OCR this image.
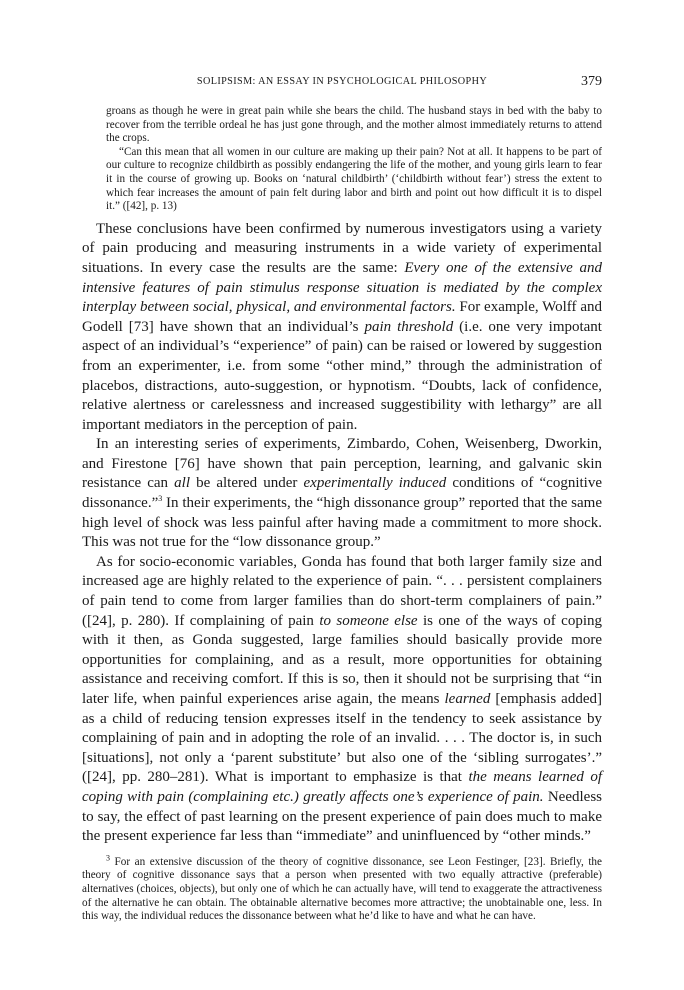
SOLIPSISM: AN ESSAY IN PSYCHOLOGICAL PHILOSOPHY	379

groans as though he were in great pain while she bears the child. The husband stays in bed with the baby to recover from the terrible ordeal he has just gone through, and the mother almost immediately returns to attend the crops.

“Can this mean that all women in our culture are making up their pain? Not at all. It happens to be part of our culture to recognize childbirth as possibly endangering the life of the mother, and young girls learn to fear it in the course of growing up. Books on ‘natural childbirth’ (‘childbirth without fear’) stress the extent to which fear increases the amount of pain felt during labor and birth and point out how difficult it is to dispel it.” ([42], p. 13)

These conclusions have been confirmed by numerous investigators using a variety of pain producing and measuring instruments in a wide variety of experimental situations. In every case the results are the same: Every one of the extensive and intensive features of pain stimulus response situation is mediated by the complex interplay between social, physical, and environmental factors. For example, Wolff and Godell [73] have shown that an individual’s pain threshold (i.e. one very impotant aspect of an individual’s “experience” of pain) can be raised or lowered by suggestion from an experimenter, i.e. from some “other mind,” through the administration of placebos, distractions, auto-suggestion, or hypnotism. “Doubts, lack of confidence, relative alertness or carelessness and increased suggestibility with lethargy” are all important mediators in the perception of pain.

In an interesting series of experiments, Zimbardo, Cohen, Weisenberg, Dworkin, and Firestone [76] have shown that pain perception, learning, and galvanic skin resistance can all be altered under experimentally induced conditions of “cognitive dissonance.”$^3$ In their experiments, the “high dissonance group” reported that the same high level of shock was less painful after having made a commitment to more shock. This was not true for the “low dissonance group.”

As for socio-economic variables, Gonda has found that both larger family size and increased age are highly related to the experience of pain. “. . . persistent complainers of pain tend to come from larger families than do short-term complainers of pain.” ([24], p. 280). If complaining of pain to someone else is one of the ways of coping with it then, as Gonda suggested, large families should basically provide more opportunities for complaining, and as a result, more opportunities for obtaining assistance and receiving comfort. If this is so, then it should not be surprising that “in later life, when painful experiences arise again, the means learned [emphasis added] as a child of reducing tension expresses itself in the tendency to seek assistance by complaining of pain and in adopting the role of an invalid. . . . The doctor is, in such [situations], not only a ‘parent substitute’ but also one of the ‘sibling surrogates’.” ([24], pp. 280–281). What is important to emphasize is that the means learned of coping with pain (complaining etc.) greatly affects one’s experience of pain. Needless to say, the effect of past learning on the present experience of pain does much to make the present experience far less than “immediate” and uninfluenced by “other minds.”

$^3$ For an extensive discussion of the theory of cognitive dissonance, see Leon Festinger, [23]. Briefly, the theory of cognitive dissonance says that a person when presented with two equally attractive (preferable) alternatives (choices, objects), but only one of which he can actually have, will tend to exaggerate the attractiveness of the alternative he can obtain. The obtainable alternative becomes more attractive; the unobtainable one, less. In this way, the individual reduces the dissonance between what he’d like to have and what he can have.
